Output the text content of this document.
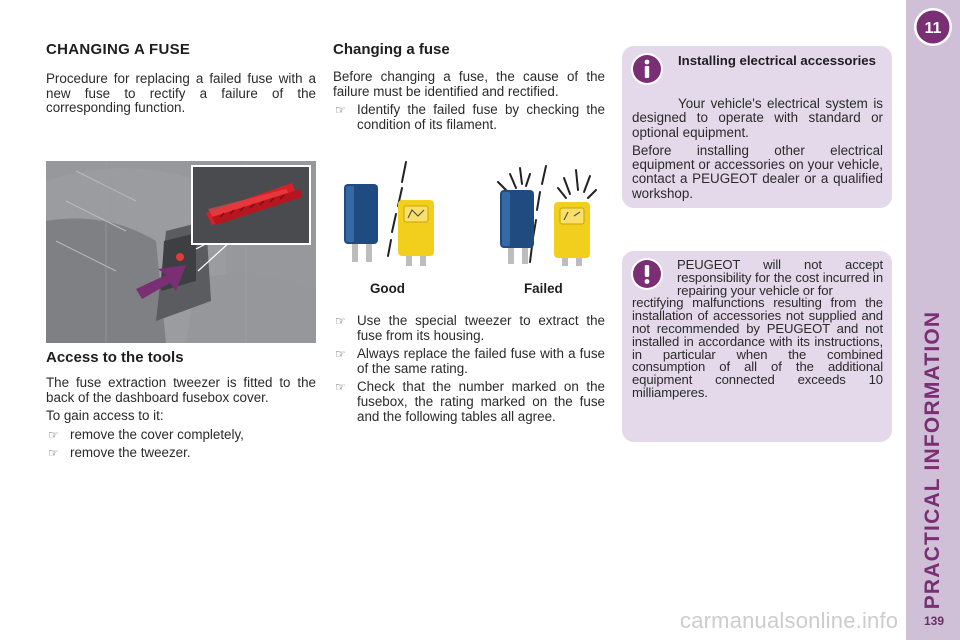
CHANGING A FUSE

Procedure for replacing a failed fuse with a new fuse to rectify a failure of the corresponding function.

Access to the tools

The fuse extraction tweezer is fitted to the back of the dashboard fusebox cover.

To gain access to it:

☞ remove the cover completely,
☞ remove the tweezer.
Changing a fuse

Before changing a fuse, the cause of the failure must be identified and rectified.

☞ Identify the failed fuse by checking the condition of its filament.
Good	Failed
☞ Use the special tweezer to extract the fuse from its housing.
☞ Always replace the failed fuse with a fuse of the same rating.
☞ Check that the number marked on the fusebox, the rating marked on the fuse and the following tables all agree.
Installing electrical accessories

Your vehicle's electrical system is designed to operate with standard or optional equipment.

Before installing other electrical equipment or accessories on your vehicle, contact a PEUGEOT dealer or a qualified workshop.

PEUGEOT will not accept responsibility for the cost incurred in repairing your vehicle or for
rectifying malfunctions resulting from the installation of accessories not supplied and not recommended by PEUGEOT and not installed in accordance with its instructions, in particular when the combined consumption of all of the additional equipment connected exceeds 10 milliamperes.
11
PRACTICAL INFORMATION
139
carmanualsonline.info
